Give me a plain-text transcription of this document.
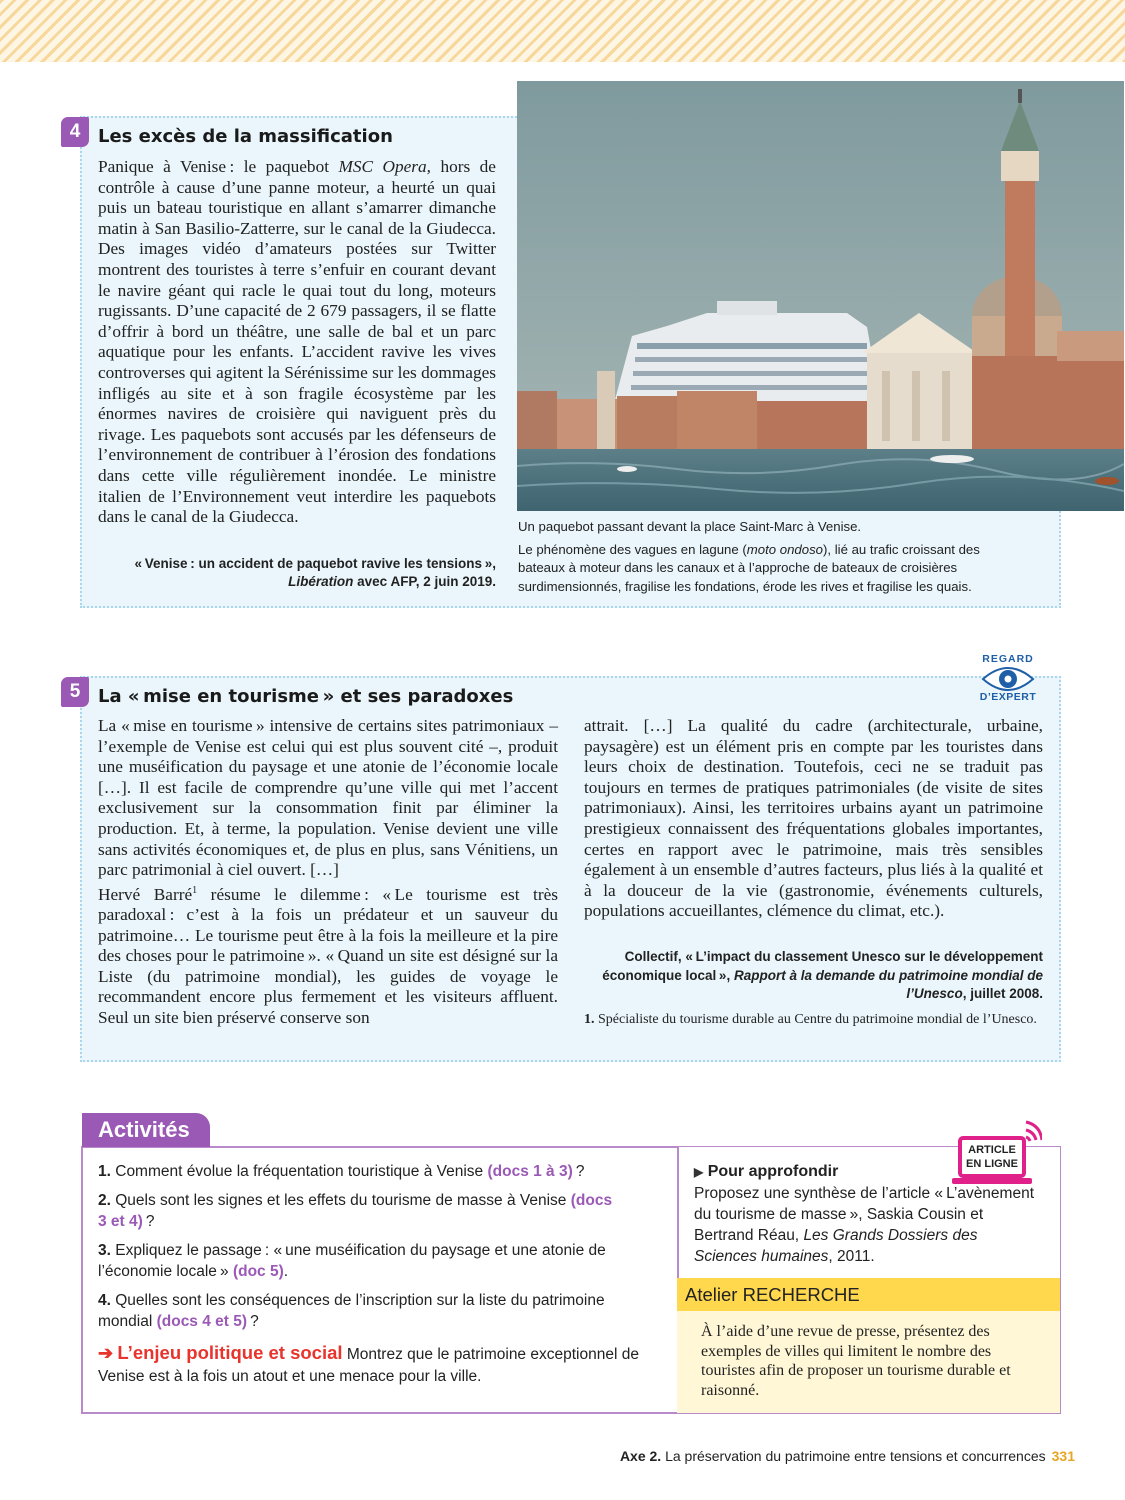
4 Les excès de la massification
Panique à Venise : le paquebot MSC Opera, hors de contrôle à cause d’une panne moteur, a heurté un quai puis un bateau touristique en allant s’amarrer dimanche matin à San Basilio-Zatterre, sur le canal de la Giudecca. Des images vidéo d’amateurs postées sur Twitter montrent des touristes à terre s’enfuir en courant devant le navire géant qui racle le quai tout du long, moteurs rugissants. D’une capacité de 2 679 passagers, il se flatte d’offrir à bord un théâtre, une salle de bal et un parc aquatique pour les enfants. L’accident ravive les vives controverses qui agitent la Sérénissime sur les dommages infligés au site et à son fragile écosystème par les énormes navires de croisière qui naviguent près du rivage. Les paquebots sont accusés par les défenseurs de l’environnement de contribuer à l’érosion des fondations dans cette ville régulièrement inondée. Le ministre italien de l’Environnement veut interdire les paquebots dans le canal de la Giudecca.
« Venise : un accident de paquebot ravive les tensions »,
Libération avec AFP, 2 juin 2019.
Un paquebot passant devant la place Saint-Marc à Venise.
Le phénomène des vagues en lagune (moto ondoso), lié au trafic croissant des bateaux à moteur dans les canaux et à l’approche de bateaux de croisières surdimensionnés, fragilise les fondations, érode les rives et fragilise les quais.
5 La « mise en tourisme » et ses paradoxes
REGARD
D’EXPERT
La « mise en tourisme » intensive de certains sites patrimoniaux – l’exemple de Venise est celui qui est plus souvent cité –, produit une muséification du paysage et une atonie de l’économie locale […]. Il est facile de comprendre qu’une ville qui met l’accent exclusivement sur la consommation finit par éliminer la production. Et, à terme, la population. Venise devient une ville sans activités économiques et, de plus en plus, sans Vénitiens, un parc patrimonial à ciel ouvert. […]
Hervé Barré$^1$ résume le dilemme : « Le tourisme est très paradoxal : c’est à la fois un prédateur et un sauveur du patrimoine… Le tourisme peut être à la fois la meilleure et la pire des choses pour le patrimoine ». « Quand un site est désigné sur la Liste (du patrimoine mondial), les guides de voyage le recommandent encore plus fermement et les visiteurs affluent. Seul un site bien préservé conserve son
attrait. […] La qualité du cadre (architecturale, urbaine, paysagère) est un élément pris en compte par les touristes dans leurs choix de destination. Toutefois, ceci ne se traduit pas toujours en termes de pratiques patrimoniales (de visite de sites patrimoniaux). Ainsi, les territoires urbains ayant un patrimoine prestigieux connaissent des fréquentations globales importantes, certes en rapport avec le patrimoine, mais très sensibles également à un ensemble d’autres facteurs, plus liés à la qualité et à la douceur de la vie (gastronomie, événements culturels, populations accueillantes, clémence du climat, etc.).
Collectif, « L’impact du classement Unesco sur le développement économique local », Rapport à la demande du patrimoine mondial de l’Unesco, juillet 2008.
1. Spécialiste du tourisme durable au Centre du patrimoine mondial de l’Unesco.
Activités
1. Comment évolue la fréquentation touristique à Venise (docs 1 à 3) ?
2. Quels sont les signes et les effets du tourisme de masse à Venise (docs 3 et 4) ?
3. Expliquez le passage : « une muséification du paysage et une atonie de l’économie locale » (doc 5).
4. Quelles sont les conséquences de l’inscription sur la liste du patrimoine mondial (docs 4 et 5) ?
➔ L’enjeu politique et social Montrez que le patrimoine exceptionnel de Venise est à la fois un atout et une menace pour la ville.
▶ Pour approfondir
ARTICLE
EN LIGNE
Proposez une synthèse de l’article « L’avènement du tourisme de masse », Saskia Cousin et Bertrand Réau, Les Grands Dossiers des Sciences humaines, 2011.
Atelier RECHERCHE
À l’aide d’une revue de presse, présentez des exemples de villes qui limitent le nombre des touristes afin de proposer un tourisme durable et raisonné.
Axe 2. La préservation du patrimoine entre tensions et concurrences 331
